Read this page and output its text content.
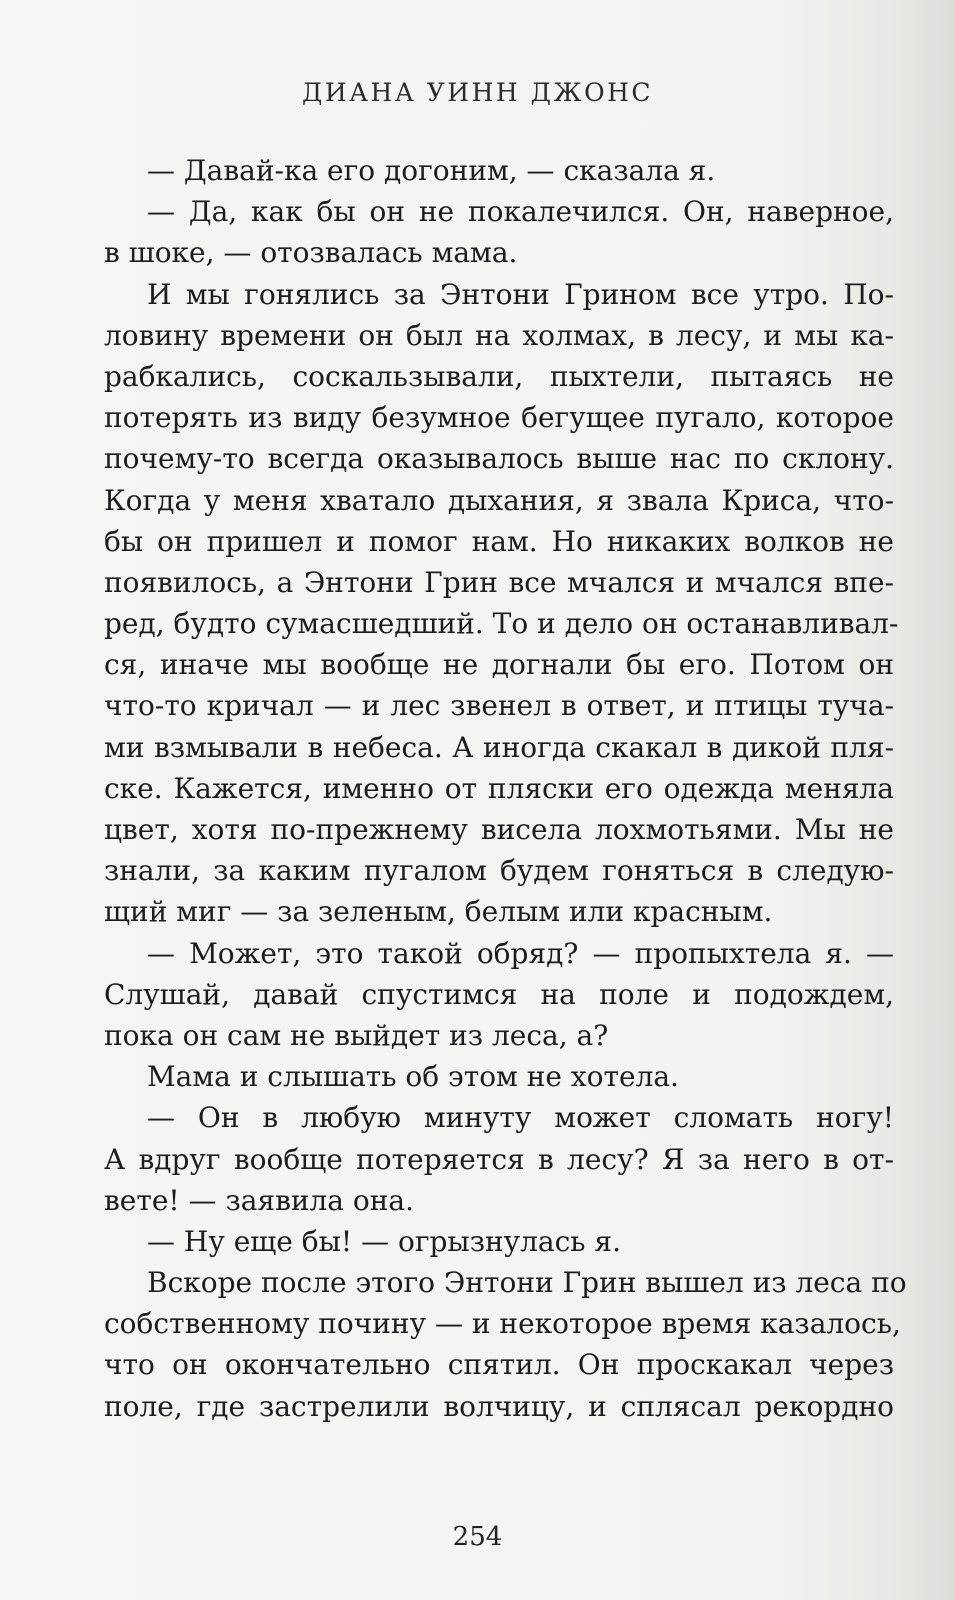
ДИАНА УИНН ДЖОНС
— Давай-ка его догоним, — сказала я.
— Да, как бы он не покалечился. Он, наверное,
в шоке, — отозвалась мама.
И мы гонялись за Энтони Грином все утро. По-
ловину времени он был на холмах, в лесу, и мы ка-
рабкались, соскальзывали, пыхтели, пытаясь не
потерять из виду безумное бегущее пугало, которое
почему-то всегда оказывалось выше нас по склону.
Когда у меня хватало дыхания, я звала Криса, что-
бы он пришел и помог нам. Но никаких волков не
появилось, а Энтони Грин все мчался и мчался впе-
ред, будто сумасшедший. То и дело он останавливал-
ся, иначе мы вообще не догнали бы его. Потом он
что-то кричал — и лес звенел в ответ, и птицы туча-
ми взмывали в небеса. А иногда скакал в дикой пля-
ске. Кажется, именно от пляски его одежда меняла
цвет, хотя по-прежнему висела лохмотьями. Мы не
знали, за каким пугалом будем гоняться в следую-
щий миг — за зеленым, белым или красным.
— Может, это такой обряд? — пропыхтела я. —
Слушай, давай спустимся на поле и подождем,
пока он сам не выйдет из леса, а?
Мама и слышать об этом не хотела.
— Он в любую минуту может сломать ногу!
А вдруг вообще потеряется в лесу? Я за него в от-
вете! — заявила она.
— Ну еще бы! — огрызнулась я.
Вскоре после этого Энтони Грин вышел из леса по
собственному почину — и некоторое время казалось,
что он окончательно спятил. Он проскакал через
поле, где застрелили волчицу, и сплясал рекордно
254
